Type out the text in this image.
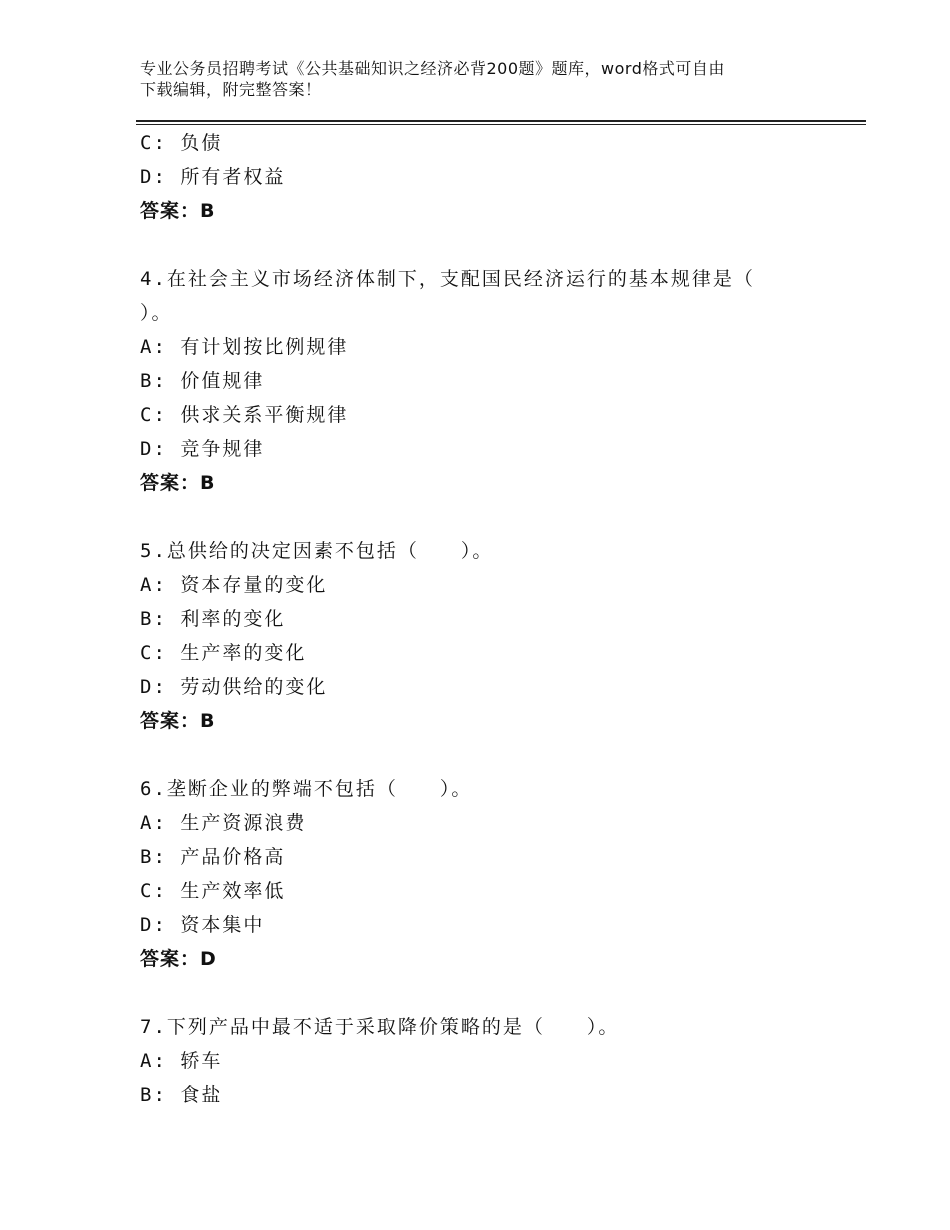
专业公务员招聘考试《公共基础知识之经济必背200题》题库，word格式可自由
下载编辑，附完整答案！
C: 负债
D: 所有者权益
答案：B
4.在社会主义市场经济体制下，支配国民经济运行的基本规律是（
）。
A: 有计划按比例规律
B: 价值规律
C: 供求关系平衡规律
D: 竞争规律
答案：B
5.总供给的决定因素不包括（　　）。
A: 资本存量的变化
B: 利率的变化
C: 生产率的变化
D: 劳动供给的变化
答案：B
6.垄断企业的弊端不包括（　　）。
A: 生产资源浪费
B: 产品价格高
C: 生产效率低
D: 资本集中
答案：D
7.下列产品中最不适于采取降价策略的是（　　）。
A: 轿车
B: 食盐
